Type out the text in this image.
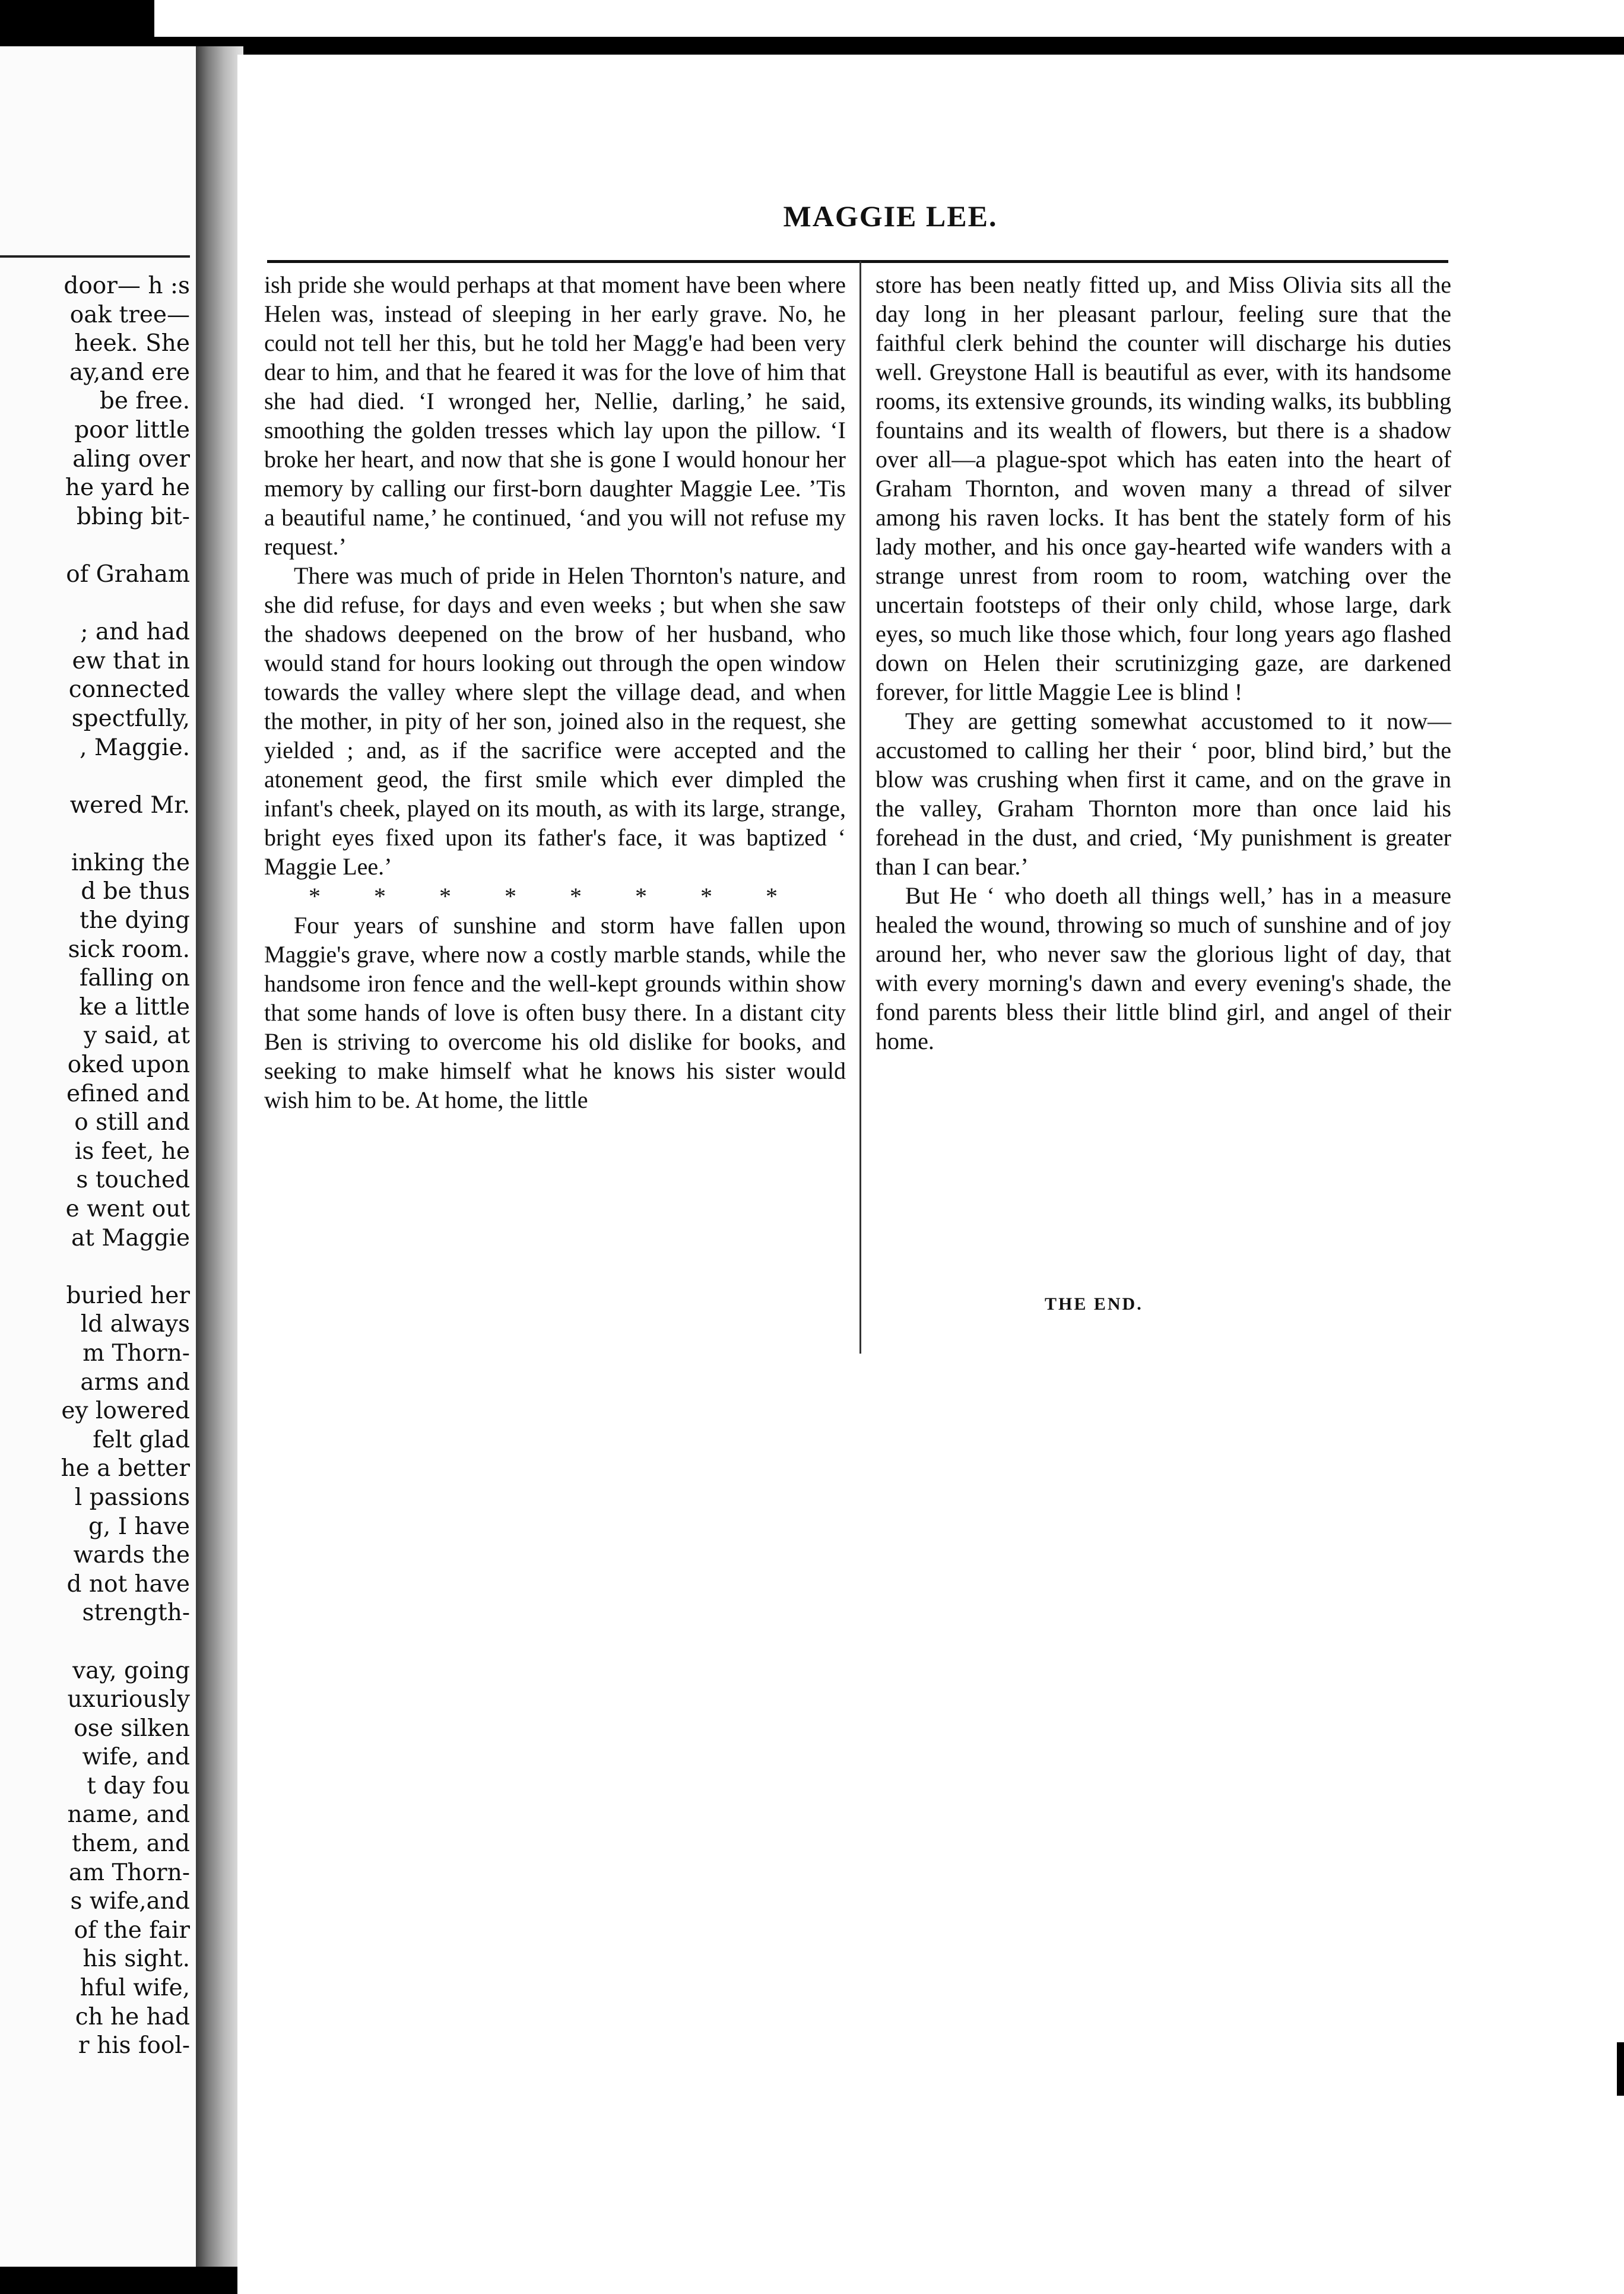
door— h :s
oak tree—
heek. She
ay,and ere
be free.
poor little
aling over
he yard he
bbing bit-
of Graham
; and had
ew that in
connected
spectfully,
, Maggie.
wered Mr.
inking the
d be thus
the dying
sick room.
falling on
ke a little
y said, at
oked upon
efined and
o still and
is feet, he
s touched
e went out
at Maggie
buried her
ld always
m Thorn-
arms and
ey lowered
felt glad
he a better
l passions
g, I have
wards the
d not have
strength-
vay, going
uxuriously
ose silken
wife, and
t day fou
name, and
them, and
am Thorn-
s wife,and
of the fair
his sight.
hful wife,
ch he had
r his fool-
MAGGIE LEE.

ish pride she would perhaps at that moment have been where Helen was, instead of sleeping in her early grave. No, he could not tell her this, but he told her Magg'e had been very dear to him, and that he feared it was for the love of him that she had died. ‘I wronged her, Nellie, darling,’ he said, smoothing the golden tresses which lay upon the pillow. ‘I broke her heart, and now that she is gone I would honour her memory by calling our first-born daughter Maggie Lee. ’Tis a beautiful name,’ he continued, ‘and you will not refuse my request.’

There was much of pride in Helen Thornton's nature, and she did refuse, for days and even weeks ; but when she saw the shadows deepened on the brow of her husband, who would stand for hours looking out through the open window towards the valley where slept the village dead, and when the mother, in pity of her son, joined also in the request, she yielded ; and, as if the sacrifice were accepted and the atonement geod, the first smile which ever dimpled the infant's cheek, played on its mouth, as with its large, strange, bright eyes fixed upon its father's face, it was baptized ‘ Maggie Lee.’

* * * * * * * *

Four years of sunshine and storm have fallen upon Maggie's grave, where now a costly marble stands, while the handsome iron fence and the well-kept grounds within show that some hands of love is often busy there. In a distant city Ben is striving to overcome his old dislike for books, and seeking to make himself what he knows his sister would wish him to be. At home, the little

store has been neatly fitted up, and Miss Olivia sits all the day long in her pleasant parlour, feeling sure that the faithful clerk behind the counter will discharge his duties well. Greystone Hall is beautiful as ever, with its handsome rooms, its extensive grounds, its winding walks, its bubbling fountains and its wealth of flowers, but there is a shadow over all—a plague-spot which has eaten into the heart of Graham Thornton, and woven many a thread of silver among his raven locks. It has bent the stately form of his lady mother, and his once gay-hearted wife wanders with a strange unrest from room to room, watching over the uncertain footsteps of their only child, whose large, dark eyes, so much like those which, four long years ago flashed down on Helen their scrutinizging gaze, are darkened forever, for little Maggie Lee is blind !

They are getting somewhat accustomed to it now—accustomed to calling her their ‘ poor, blind bird,’ but the blow was crushing when first it came, and on the grave in the valley, Graham Thornton more than once laid his forehead in the dust, and cried, ‘My punishment is greater than I can bear.’

But He ‘ who doeth all things well,’ has in a measure healed the wound, throwing so much of sunshine and of joy around her, who never saw the glorious light of day, that with every morning's dawn and every evening's shade, the fond parents bless their little blind girl, and angel of their home.

THE END.
